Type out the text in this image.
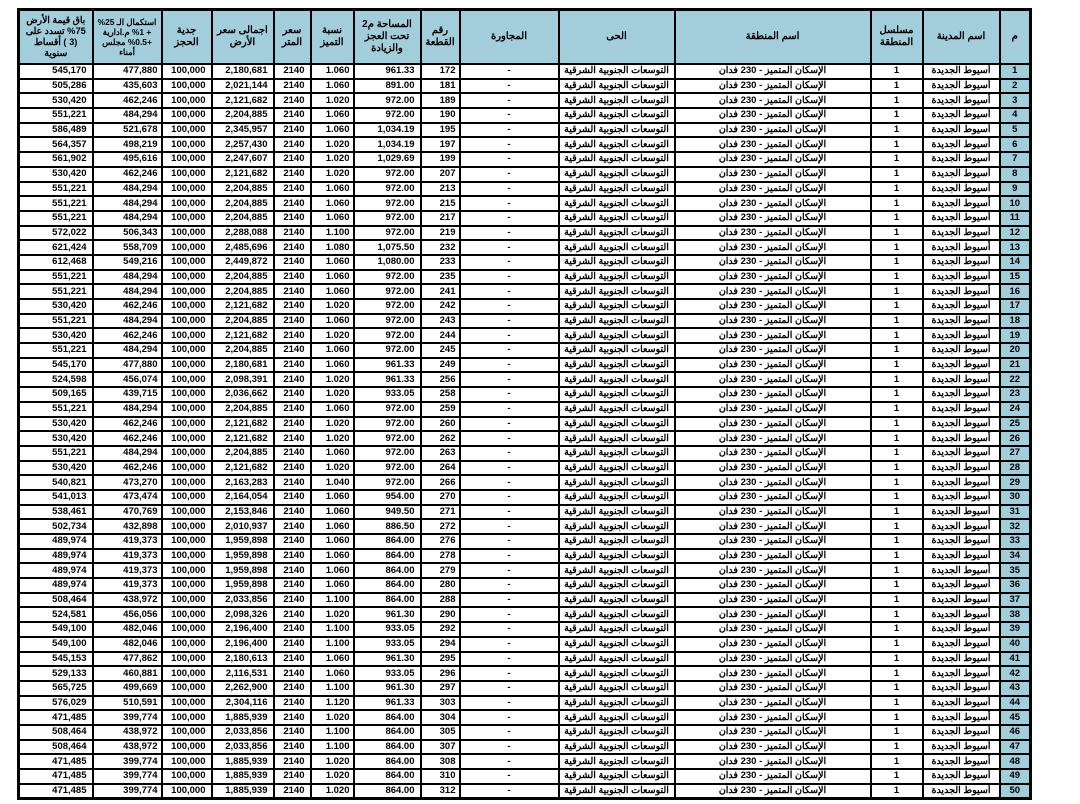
م	اسم المدينة	مسلسل المنطقة	اسم المنطقة	الحى	المجاورة	رقم القطعة	المساحة م2 تحت العجز والزيادة	نسبة التميز	سعر المتر	اجمالى سعر الأرض	جدية الحجز	استكمال الـ 25% + 1% م.ادارية +0.5% مجلس أمناء	باق قيمة الأرض 75% تسدد على (3 ) أقساط سنوية
1	أسيوط الجديدة	1	الإسكان المتميز - 230 فدان	التوسعات الجنوبية الشرقية	-	172	961.33	1.060	2140	2,180,681	100,000	477,880	545,170
2	أسيوط الجديدة	1	الإسكان المتميز - 230 فدان	التوسعات الجنوبية الشرقية	-	181	891.00	1.060	2140	2,021,144	100,000	435,603	505,286
3	أسيوط الجديدة	1	الإسكان المتميز - 230 فدان	التوسعات الجنوبية الشرقية	-	189	972.00	1.020	2140	2,121,682	100,000	462,246	530,420
4	أسيوط الجديدة	1	الإسكان المتميز - 230 فدان	التوسعات الجنوبية الشرقية	-	190	972.00	1.060	2140	2,204,885	100,000	484,294	551,221
5	أسيوط الجديدة	1	الإسكان المتميز - 230 فدان	التوسعات الجنوبية الشرقية	-	195	1,034.19	1.060	2140	2,345,957	100,000	521,678	586,489
6	أسيوط الجديدة	1	الإسكان المتميز - 230 فدان	التوسعات الجنوبية الشرقية	-	197	1,034.19	1.020	2140	2,257,430	100,000	498,219	564,357
7	أسيوط الجديدة	1	الإسكان المتميز - 230 فدان	التوسعات الجنوبية الشرقية	-	199	1,029.69	1.020	2140	2,247,607	100,000	495,616	561,902
8	أسيوط الجديدة	1	الإسكان المتميز - 230 فدان	التوسعات الجنوبية الشرقية	-	207	972.00	1.020	2140	2,121,682	100,000	462,246	530,420
9	أسيوط الجديدة	1	الإسكان المتميز - 230 فدان	التوسعات الجنوبية الشرقية	-	213	972.00	1.060	2140	2,204,885	100,000	484,294	551,221
10	أسيوط الجديدة	1	الإسكان المتميز - 230 فدان	التوسعات الجنوبية الشرقية	-	215	972.00	1.060	2140	2,204,885	100,000	484,294	551,221
11	أسيوط الجديدة	1	الإسكان المتميز - 230 فدان	التوسعات الجنوبية الشرقية	-	217	972.00	1.060	2140	2,204,885	100,000	484,294	551,221
12	أسيوط الجديدة	1	الإسكان المتميز - 230 فدان	التوسعات الجنوبية الشرقية	-	219	972.00	1.100	2140	2,288,088	100,000	506,343	572,022
13	أسيوط الجديدة	1	الإسكان المتميز - 230 فدان	التوسعات الجنوبية الشرقية	-	232	1,075.50	1.080	2140	2,485,696	100,000	558,709	621,424
14	أسيوط الجديدة	1	الإسكان المتميز - 230 فدان	التوسعات الجنوبية الشرقية	-	233	1,080.00	1.060	2140	2,449,872	100,000	549,216	612,468
15	أسيوط الجديدة	1	الإسكان المتميز - 230 فدان	التوسعات الجنوبية الشرقية	-	235	972.00	1.060	2140	2,204,885	100,000	484,294	551,221
16	أسيوط الجديدة	1	الإسكان المتميز - 230 فدان	التوسعات الجنوبية الشرقية	-	241	972.00	1.060	2140	2,204,885	100,000	484,294	551,221
17	أسيوط الجديدة	1	الإسكان المتميز - 230 فدان	التوسعات الجنوبية الشرقية	-	242	972.00	1.020	2140	2,121,682	100,000	462,246	530,420
18	أسيوط الجديدة	1	الإسكان المتميز - 230 فدان	التوسعات الجنوبية الشرقية	-	243	972.00	1.060	2140	2,204,885	100,000	484,294	551,221
19	أسيوط الجديدة	1	الإسكان المتميز - 230 فدان	التوسعات الجنوبية الشرقية	-	244	972.00	1.020	2140	2,121,682	100,000	462,246	530,420
20	أسيوط الجديدة	1	الإسكان المتميز - 230 فدان	التوسعات الجنوبية الشرقية	-	245	972.00	1.060	2140	2,204,885	100,000	484,294	551,221
21	أسيوط الجديدة	1	الإسكان المتميز - 230 فدان	التوسعات الجنوبية الشرقية	-	249	961.33	1.060	2140	2,180,681	100,000	477,880	545,170
22	أسيوط الجديدة	1	الإسكان المتميز - 230 فدان	التوسعات الجنوبية الشرقية	-	256	961.33	1.020	2140	2,098,391	100,000	456,074	524,598
23	أسيوط الجديدة	1	الإسكان المتميز - 230 فدان	التوسعات الجنوبية الشرقية	-	258	933.05	1.020	2140	2,036,662	100,000	439,715	509,165
24	أسيوط الجديدة	1	الإسكان المتميز - 230 فدان	التوسعات الجنوبية الشرقية	-	259	972.00	1.060	2140	2,204,885	100,000	484,294	551,221
25	أسيوط الجديدة	1	الإسكان المتميز - 230 فدان	التوسعات الجنوبية الشرقية	-	260	972.00	1.020	2140	2,121,682	100,000	462,246	530,420
26	أسيوط الجديدة	1	الإسكان المتميز - 230 فدان	التوسعات الجنوبية الشرقية	-	262	972.00	1.020	2140	2,121,682	100,000	462,246	530,420
27	أسيوط الجديدة	1	الإسكان المتميز - 230 فدان	التوسعات الجنوبية الشرقية	-	263	972.00	1.060	2140	2,204,885	100,000	484,294	551,221
28	أسيوط الجديدة	1	الإسكان المتميز - 230 فدان	التوسعات الجنوبية الشرقية	-	264	972.00	1.020	2140	2,121,682	100,000	462,246	530,420
29	أسيوط الجديدة	1	الإسكان المتميز - 230 فدان	التوسعات الجنوبية الشرقية	-	266	972.00	1.040	2140	2,163,283	100,000	473,270	540,821
30	أسيوط الجديدة	1	الإسكان المتميز - 230 فدان	التوسعات الجنوبية الشرقية	-	270	954.00	1.060	2140	2,164,054	100,000	473,474	541,013
31	أسيوط الجديدة	1	الإسكان المتميز - 230 فدان	التوسعات الجنوبية الشرقية	-	271	949.50	1.060	2140	2,153,846	100,000	470,769	538,461
32	أسيوط الجديدة	1	الإسكان المتميز - 230 فدان	التوسعات الجنوبية الشرقية	-	272	886.50	1.060	2140	2,010,937	100,000	432,898	502,734
33	أسيوط الجديدة	1	الإسكان المتميز - 230 فدان	التوسعات الجنوبية الشرقية	-	276	864.00	1.060	2140	1,959,898	100,000	419,373	489,974
34	أسيوط الجديدة	1	الإسكان المتميز - 230 فدان	التوسعات الجنوبية الشرقية	-	278	864.00	1.060	2140	1,959,898	100,000	419,373	489,974
35	أسيوط الجديدة	1	الإسكان المتميز - 230 فدان	التوسعات الجنوبية الشرقية	-	279	864.00	1.060	2140	1,959,898	100,000	419,373	489,974
36	أسيوط الجديدة	1	الإسكان المتميز - 230 فدان	التوسعات الجنوبية الشرقية	-	280	864.00	1.060	2140	1,959,898	100,000	419,373	489,974
37	أسيوط الجديدة	1	الإسكان المتميز - 230 فدان	التوسعات الجنوبية الشرقية	-	288	864.00	1.100	2140	2,033,856	100,000	438,972	508,464
38	أسيوط الجديدة	1	الإسكان المتميز - 230 فدان	التوسعات الجنوبية الشرقية	-	290	961.30	1.020	2140	2,098,326	100,000	456,056	524,581
39	أسيوط الجديدة	1	الإسكان المتميز - 230 فدان	التوسعات الجنوبية الشرقية	-	292	933.05	1.100	2140	2,196,400	100,000	482,046	549,100
40	أسيوط الجديدة	1	الإسكان المتميز - 230 فدان	التوسعات الجنوبية الشرقية	-	294	933.05	1.100	2140	2,196,400	100,000	482,046	549,100
41	أسيوط الجديدة	1	الإسكان المتميز - 230 فدان	التوسعات الجنوبية الشرقية	-	295	961.30	1.060	2140	2,180,613	100,000	477,862	545,153
42	أسيوط الجديدة	1	الإسكان المتميز - 230 فدان	التوسعات الجنوبية الشرقية	-	296	933.05	1.060	2140	2,116,531	100,000	460,881	529,133
43	أسيوط الجديدة	1	الإسكان المتميز - 230 فدان	التوسعات الجنوبية الشرقية	-	297	961.30	1.100	2140	2,262,900	100,000	499,669	565,725
44	أسيوط الجديدة	1	الإسكان المتميز - 230 فدان	التوسعات الجنوبية الشرقية	-	303	961.33	1.120	2140	2,304,116	100,000	510,591	576,029
45	أسيوط الجديدة	1	الإسكان المتميز - 230 فدان	التوسعات الجنوبية الشرقية	-	304	864.00	1.020	2140	1,885,939	100,000	399,774	471,485
46	أسيوط الجديدة	1	الإسكان المتميز - 230 فدان	التوسعات الجنوبية الشرقية	-	305	864.00	1.100	2140	2,033,856	100,000	438,972	508,464
47	أسيوط الجديدة	1	الإسكان المتميز - 230 فدان	التوسعات الجنوبية الشرقية	-	307	864.00	1.100	2140	2,033,856	100,000	438,972	508,464
48	أسيوط الجديدة	1	الإسكان المتميز - 230 فدان	التوسعات الجنوبية الشرقية	-	308	864.00	1.020	2140	1,885,939	100,000	399,774	471,485
49	أسيوط الجديدة	1	الإسكان المتميز - 230 فدان	التوسعات الجنوبية الشرقية	-	310	864.00	1.020	2140	1,885,939	100,000	399,774	471,485
50	أسيوط الجديدة	1	الإسكان المتميز - 230 فدان	التوسعات الجنوبية الشرقية	-	312	864.00	1.020	2140	1,885,939	100,000	399,774	471,485
